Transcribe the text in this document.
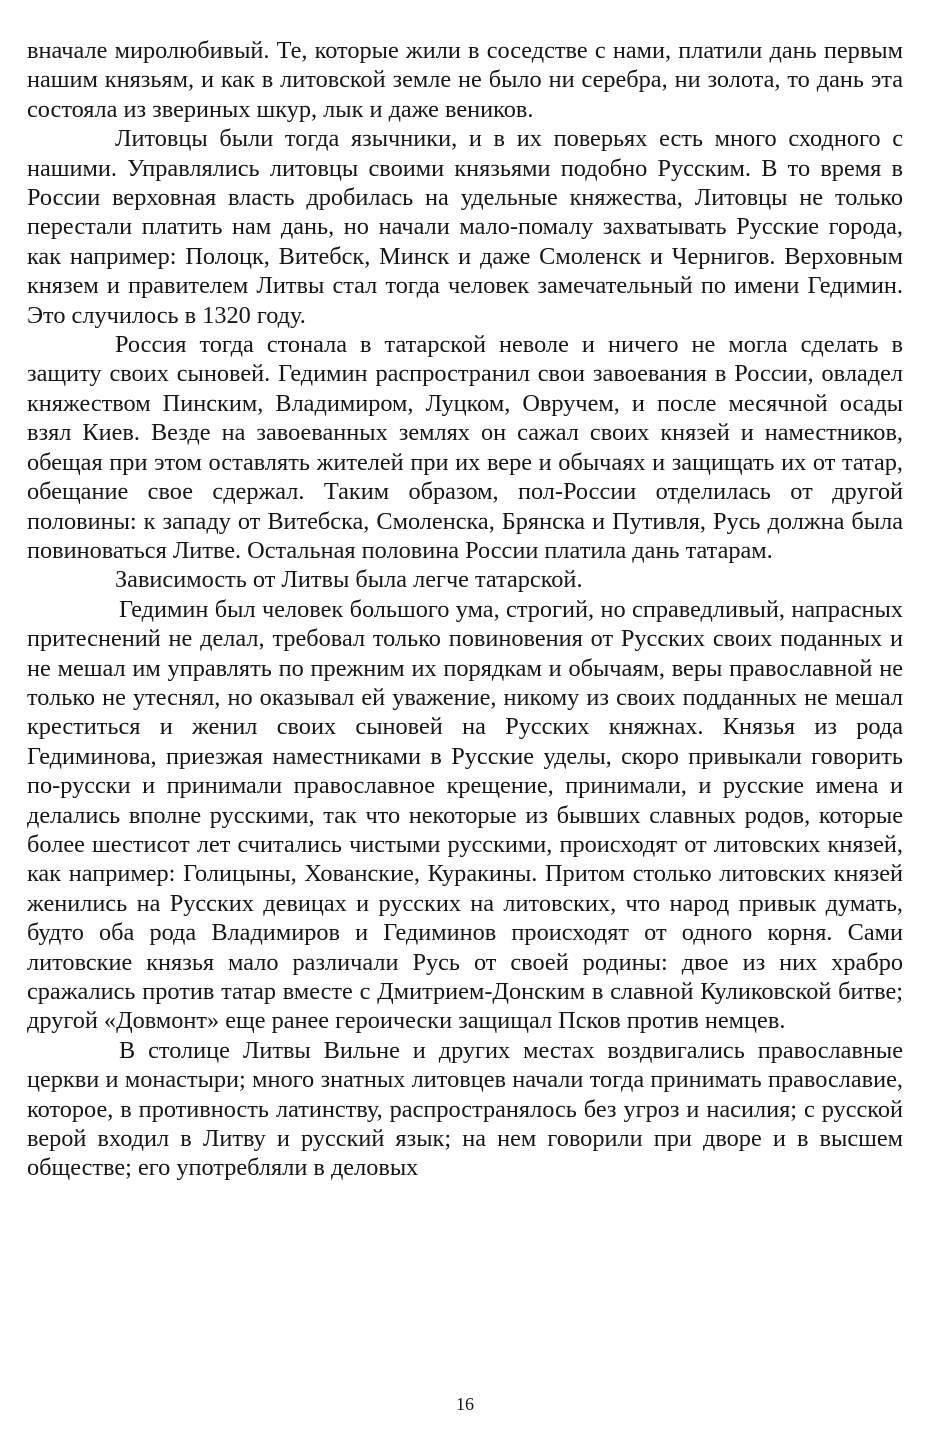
вначале миролюбивый. Те, которые жили в соседстве с нами, платили дань первым нашим князьям, и как в литовской земле не было ни серебра, ни золота, то дань эта состояла из звериных шкур, лык и даже веников.

Литовцы были тогда язычники, и в их поверьях есть много сходного с нашими. Управлялись литовцы своими князьями подобно Русским. В то время в России верховная власть дробилась на удельные княжества, Литовцы не только перестали платить нам дань, но начали мало-помалу захватывать Русские города, как например: Полоцк, Витебск, Минск и даже Смоленск и Чернигов. Верховным князем и правителем Литвы стал тогда человек замечательный по имени Гедимин. Это случилось в 1320 году.

Россия тогда стонала в татарской неволе и ничего не могла сделать в защиту своих сыновей. Гедимин распространил свои завоевания в России, овладел княжеством Пинским, Владимиром, Луцком, Овручем, и после месячной осады взял Киев. Везде на завоеванных землях он сажал своих князей и наместников, обещая при этом оставлять жителей при их вере и обычаях и защищать их от татар, обещание свое сдержал. Таким образом, пол-России отделилась от другой половины: к западу от Витебска, Смоленска, Брянска и Путивля, Русь должна была повиноваться Литве. Остальная половина России платила дань татарам.

Зависимость от Литвы была легче татарской.

Гедимин был человек большого ума, строгий, но справедливый, напрасных притеснений не делал, требовал только повиновения от Русских своих поданных и не мешал им управлять по прежним их порядкам и обычаям, веры православной не только не утеснял, но оказывал ей уважение, никому из своих подданных не мешал креститься и женил своих сыновей на Русских княжнах. Князья из рода Гедиминова, приезжая наместниками в Русские уделы, скоро привыкали говорить по-русски и принимали православное крещение, принимали, и русские имена и делались вполне русскими, так что некоторые из бывших славных родов, которые более шестисот лет считались чистыми русскими, происходят от литовских князей, как например: Голицыны, Хованские, Куракины. Притом столько литовских князей женились на Русских девицах и русских на литовских, что народ привык думать, будто оба рода Владимиров и Гедиминов происходят от одного корня. Сами литовские князья мало различали Русь от своей родины: двое из них храбро сражались против татар вместе с Дмитрием-Донским в славной Куликовской битве; другой «Довмонт» еще ранее героически защищал Псков против немцев.

В столице Литвы Вильне и других местах воздвигались православные церкви и монастыри; много знатных литовцев начали тогда принимать православие, которое, в противность латинству, распространялось без угроз и насилия; с русской верой входил в Литву и русский язык; на нем говорили при дворе и в высшем обществе; его употребляли в деловых

16
